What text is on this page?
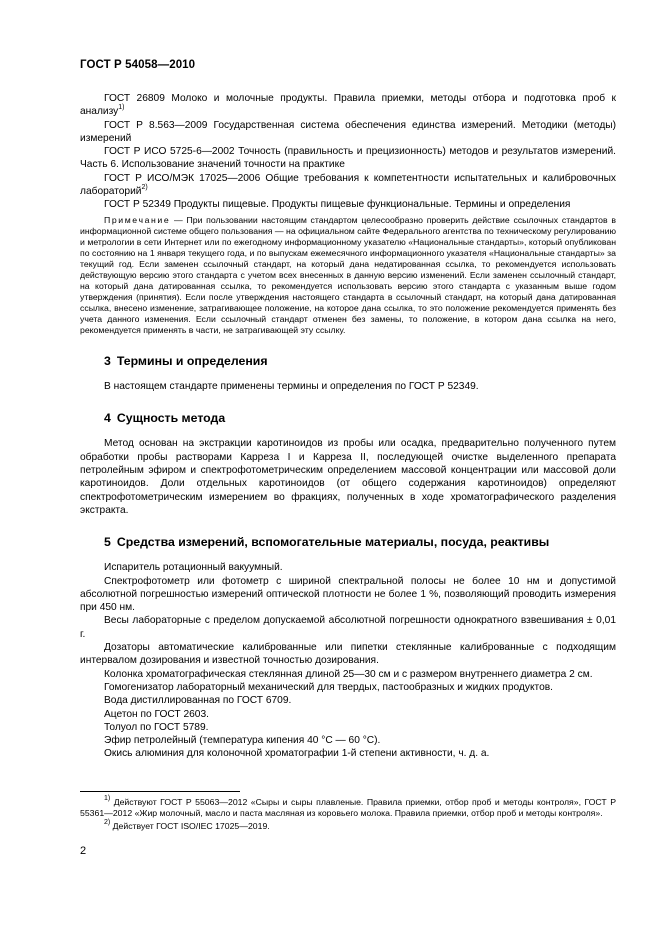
ГОСТ Р 54058—2010

ГОСТ 26809 Молоко и молочные продукты. Правила приемки, методы отбора и подготовка проб к анализу$^{1)}$

ГОСТ Р 8.563—2009 Государственная система обеспечения единства измерений. Методики (методы) измерений

ГОСТ Р ИСО 5725-6—2002 Точность (правильность и прецизионность) методов и результатов измерений. Часть 6. Использование значений точности на практике

ГОСТ Р ИСО/МЭК 17025—2006 Общие требования к компетентности испытательных и калибровочных лабораторий$^{2)}$

ГОСТ Р 52349 Продукты пищевые. Продукты пищевые функциональные. Термины и определения

Примечание — При пользовании настоящим стандартом целесообразно проверить действие ссылочных стандартов в информационной системе общего пользования — на официальном сайте Федерального агентства по техническому регулированию и метрологии в сети Интернет или по ежегодному информационному указателю «Национальные стандарты», который опубликован по состоянию на 1 января текущего года, и по выпускам ежемесячного информационного указателя «Национальные стандарты» за текущий год. Если заменен ссылочный стандарт, на который дана недатированная ссылка, то рекомендуется использовать действующую версию этого стандарта с учетом всех внесенных в данную версию изменений. Если заменен ссылочный стандарт, на который дана датированная ссылка, то рекомендуется использовать версию этого стандарта с указанным выше годом утверждения (принятия). Если после утверждения настоящего стандарта в ссылочный стандарт, на который дана датированная ссылка, внесено изменение, затрагивающее положение, на которое дана ссылка, то это положение рекомендуется применять без учета данного изменения. Если ссылочный стандарт отменен без замены, то положение, в котором дана ссылка на него, рекомендуется применять в части, не затрагивающей эту ссылку.

3 Термины и определения

В настоящем стандарте применены термины и определения по ГОСТ Р 52349.

4 Сущность метода

Метод основан на экстракции каротиноидов из пробы или осадка, предварительно полученного путем обработки пробы растворами Карреза I и Карреза II, последующей очистке выделенного препарата петролейным эфиром и спектрофотометрическим определением массовой концентрации или массовой доли каротиноидов. Доли отдельных каротиноидов (от общего содержания каротиноидов) определяют спектрофотометрическим измерением во фракциях, полученных в ходе хроматографического разделения экстракта.

5 Средства измерений, вспомогательные материалы, посуда, реактивы

Испаритель ротационный вакуумный.

Спектрофотометр или фотометр с шириной спектральной полосы не более 10 нм и допустимой абсолютной погрешностью измерений оптической плотности не более 1 %, позволяющий проводить измерения при 450 нм.

Весы лабораторные с пределом допускаемой абсолютной погрешности однократного взвешивания ± 0,01 г.

Дозаторы автоматические калиброванные или пипетки стеклянные калиброванные с подходящим интервалом дозирования и известной точностью дозирования.

Колонка хроматографическая стеклянная длиной 25—30 см и с размером внутреннего диаметра 2 см.

Гомогенизатор лабораторный механический для твердых, пастообразных и жидких продуктов.

Вода дистиллированная по ГОСТ 6709.

Ацетон по ГОСТ 2603.

Толуол по ГОСТ 5789.

Эфир петролейный (температура кипения 40 °С — 60 °С).

Окись алюминия для колоночной хроматографии 1-й степени активности, ч. д. а.

$^{1)}$ Действуют ГОСТ Р 55063—2012 «Сыры и сыры плавленые. Правила приемки, отбор проб и методы контроля», ГОСТ Р 55361—2012 «Жир молочный, масло и паста масляная из коровьего молока. Правила приемки, отбор проб и методы контроля».

$^{2)}$ Действует ГОСТ ISO/IEC 17025—2019.

2
